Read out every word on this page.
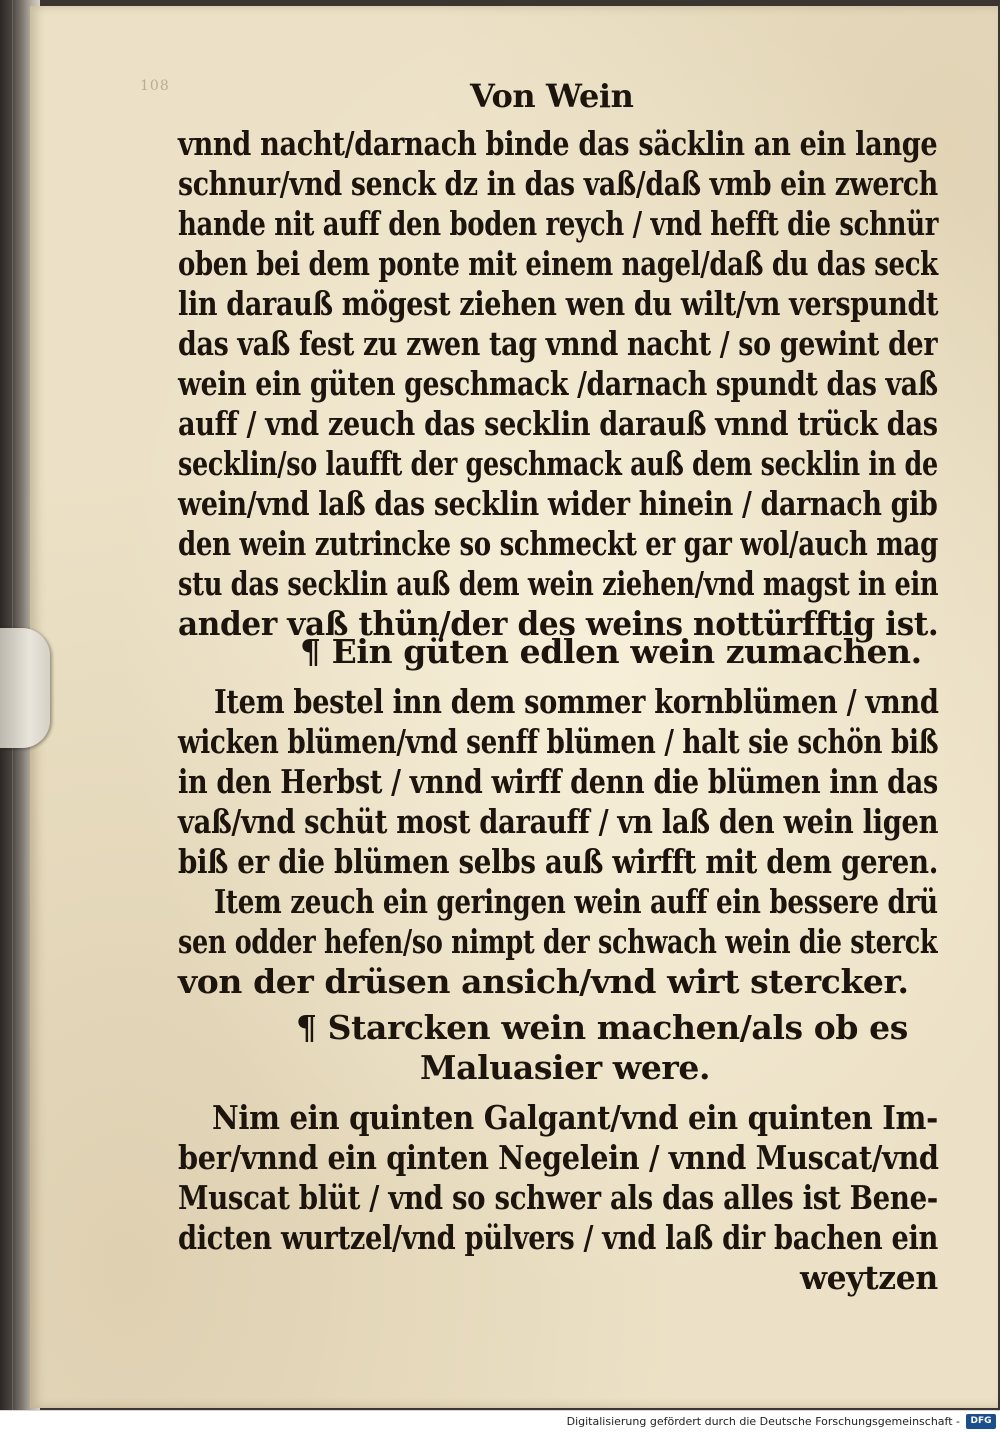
108	Von Wein
vnnd nacht/darnach binde das säcklin an ein lange
schnur/vnd senck dz in das vaß/daß vmb ein zwerch
hande nit auff den boden reych / vnd hefft die schnür
oben bei dem ponte mit einem nagel/daß du das seck
lin darauß mögest ziehen wen du wilt/vn verspundt
das vaß fest zu zwen tag vnnd nacht / so gewint der
wein ein güten geschmack /darnach spundt das vaß
auff / vnd zeuch das secklin darauß vnnd trück das
secklin/so laufft der geschmack auß dem secklin in de
wein/vnd laß das secklin wider hinein / darnach gib
den wein zutrincke so schmeckt er gar wol/auch mag
stu das secklin auß dem wein ziehen/vnd magst in ein
ander vaß thün/der des weins nottürfftig ist.
¶ Ein güten edlen wein zumachen.
Item bestel inn dem sommer kornblümen / vnnd
wicken blümen/vnd senff blümen / halt sie schön biß
in den Herbst / vnnd wirff denn die blümen inn das
vaß/vnd schüt most darauff / vn laß den wein ligen
biß er die blümen selbs auß wirfft mit dem geren.
Item zeuch ein geringen wein auff ein bessere drü
sen odder hefen/so nimpt der schwach wein die sterck
von der drüsen ansich/vnd wirt stercker.
¶ Starcken wein machen/als ob es
Maluasier were.
Nim ein quinten Galgant/vnd ein quinten Im-
ber/vnnd ein qinten Negelein / vnnd Muscat/vnd
Muscat blüt / vnd so schwer als das alles ist Bene-
dicten wurtzel/vnd pülvers / vnd laß dir bachen ein
weytzen
Digitalisierung gefördert durch die Deutsche Forschungsgemeinschaft -	DFG
